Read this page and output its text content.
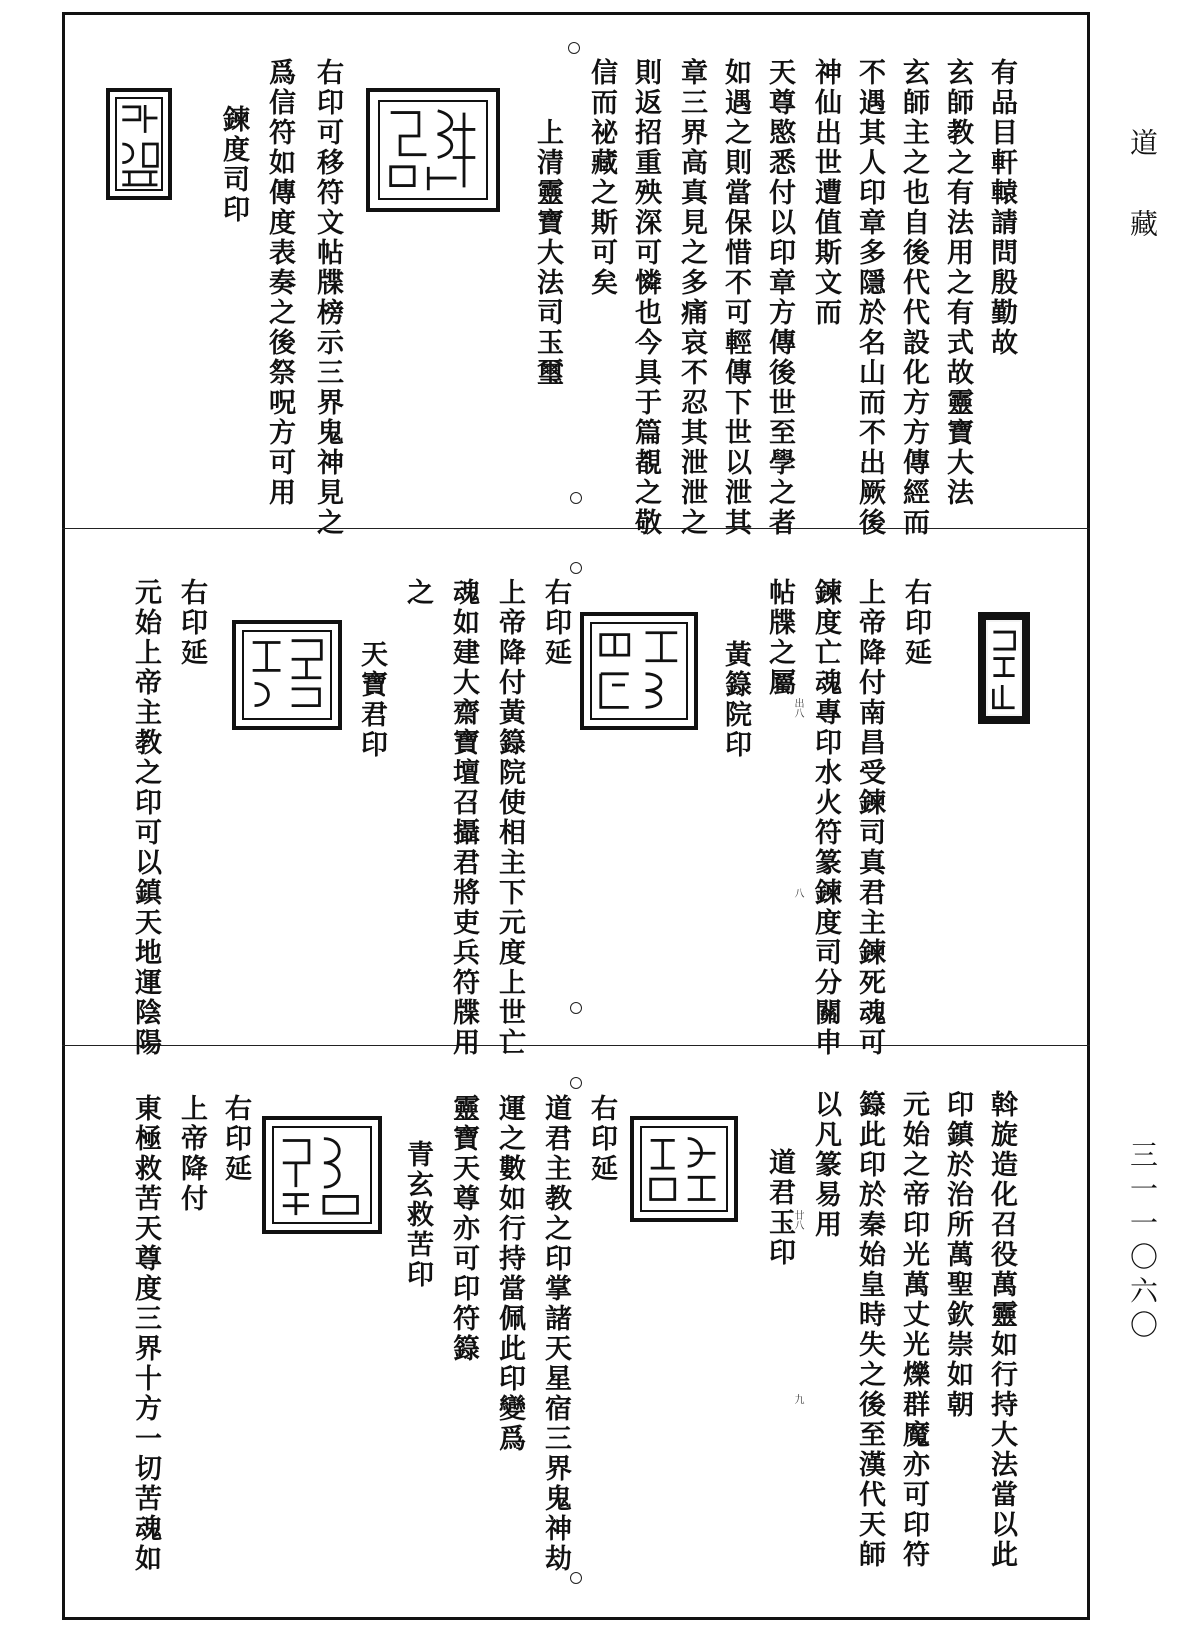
道 藏
三一一〇六〇
有品目軒轅請問殷勤故
玄師教之有法用之有式故靈寶大法
玄師主之也自後代代設化方方傳經而
不遇其人印章多隱於名山而不出厥後
神仙出世遭值斯文而
天尊愍悉付以印章方傳後世至學之者
如遇之則當保惜不可輕傳下世以泄其
章三界高真見之多痛哀不忍其泄泄之
則返招重殃深可憐也今具于篇覩之敬
信而祕藏之斯可矣
上清靈寶大法司玉璽
右印可移符文帖牒榜示三界鬼神見之
爲信符如傳度表奏之後祭呪方可用
鍊度司印
右印延
上帝降付南昌受鍊司真君主鍊死魂可
鍊度亡魂專印水火符篆鍊度司分關申
帖牒之屬
出八
八
黃籙院印
右印延
上帝降付黃籙院使相主下元度上世亡
魂如建大齋寶壇召攝君將吏兵符牒用
之
天寶君印
右印延
元始上帝主教之印可以鎮天地運陰陽
斡旋造化召役萬靈如行持大法當以此
印鎮於治所萬聖欽崇如朝
元始之帝印光萬丈光爍群魔亦可印符
籙此印於秦始皇時失之後至漢代天師
以凡篆易用
廿八
九
道君玉印
右印延
道君主教之印掌諸天星宿三界鬼神劫
運之數如行持當佩此印變爲
靈寶天尊亦可印符籙
青玄救苦印
右印延
上帝降付
東極救苦天尊度三界十方一切苦魂如
